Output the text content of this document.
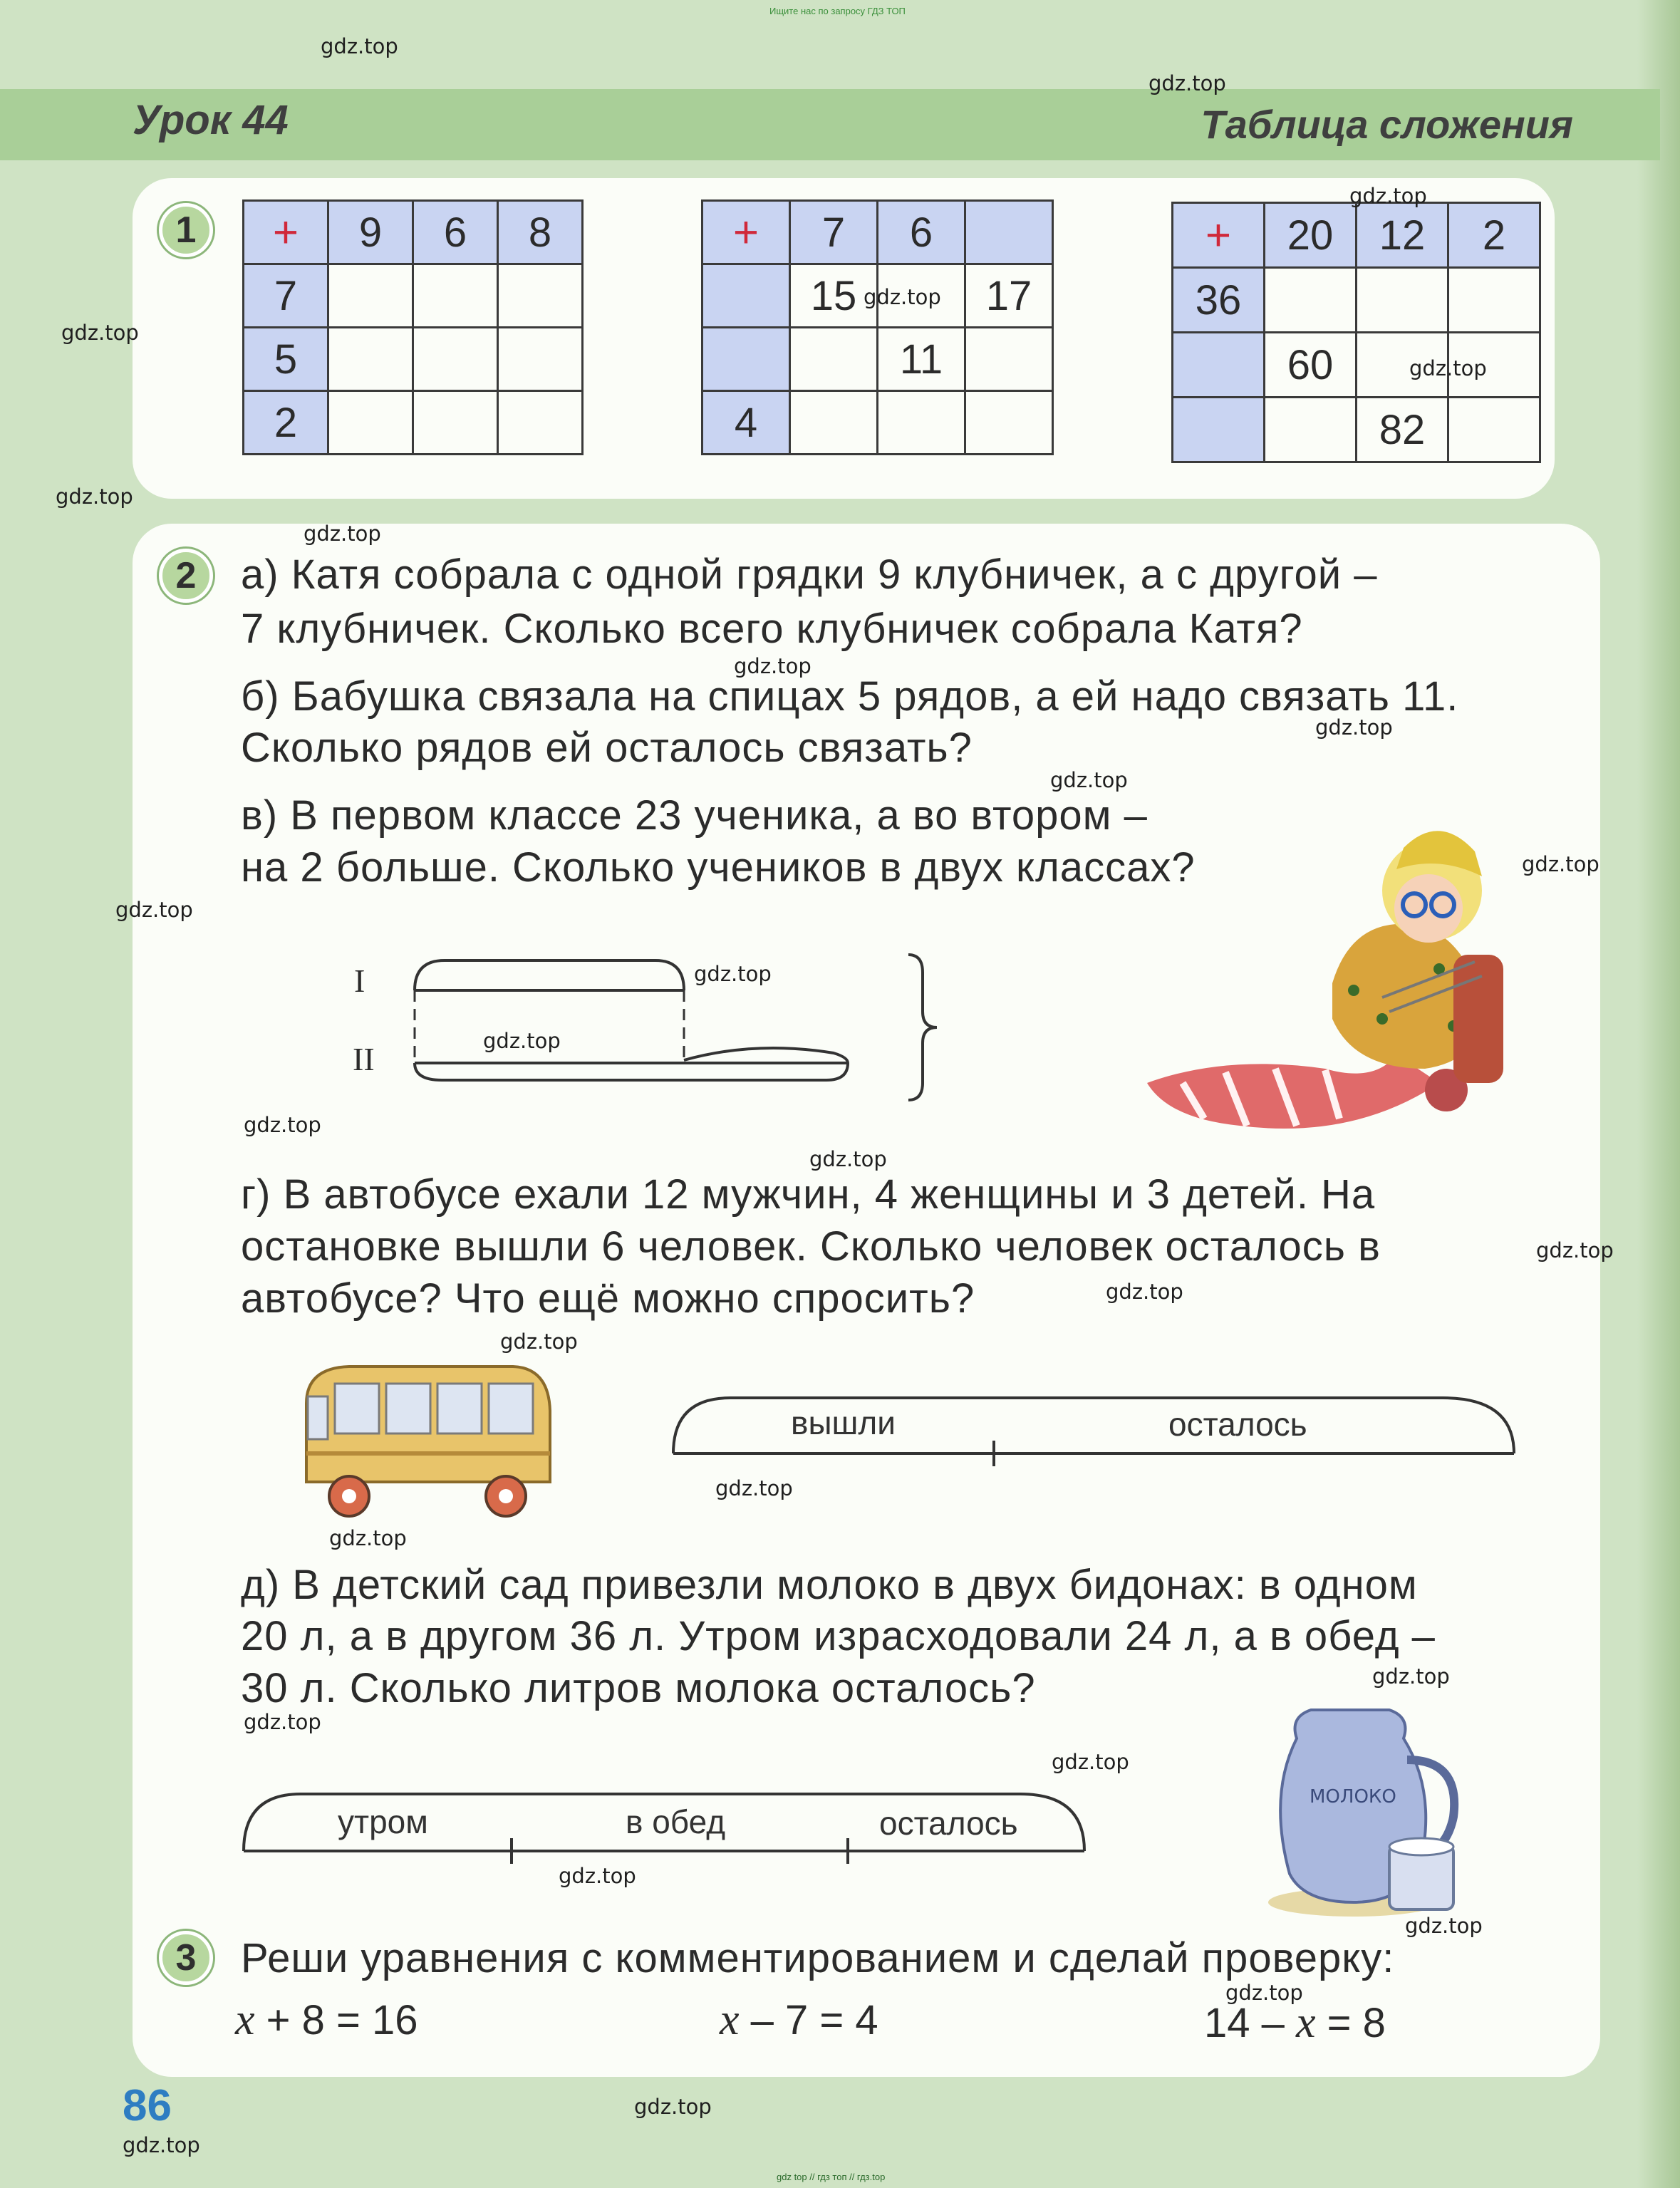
Ищите нас по запросу ГДЗ ТОП
Урок 44	Таблица сложения
1	+	9	6	8
7			
5			
2			
+	7	6	
	15		17
		11	
4			
+	20	12	2
36			
	60		
		82	
2	а) Катя собрала с одной грядки 9 клубничек, а с другой –
7 клубничек. Сколько всего клубничек собрала Катя?
б) Бабушка связала на спицах 5 рядов, а ей надо связать 11.
Сколько рядов ей осталось связать?
в) В первом классе 23 ученика, а во втором –
на 2 больше. Сколько учеников в двух классах?
I
II
г) В автобусе ехали 12 мужчин, 4 женщины и 3 детей. На
остановке вышли 6 человек. Сколько человек осталось в
автобусе? Что ещё можно спросить?
вышли	осталось
д) В детский сад привезли молоко в двух бидонах: в одном
20 л, а в другом 36 л. Утром израсходовали 24 л, а в обед –
30 л. Сколько литров молока осталось?
утром	в обед	осталось
МОЛОКО
3	Реши уравнения с комментированием и сделай проверку:
x + 8 = 16	x – 7 = 4	14 – x = 8
86
gdz top // гдз топ // гдз.top
gdz.top
gdz.top
gdz.top
gdz.top
gdz.top
gdz.top
gdz.top
gdz.top
gdz.top
gdz.top
gdz.top
gdz.top
gdz.top
gdz.top
gdz.top
gdz.top
gdz.top
gdz.top
gdz.top
gdz.top
gdz.top
gdz.top
gdz.top
gdz.top
gdz.top
gdz.top
gdz.top
gdz.top
gdz.top
gdz.top
